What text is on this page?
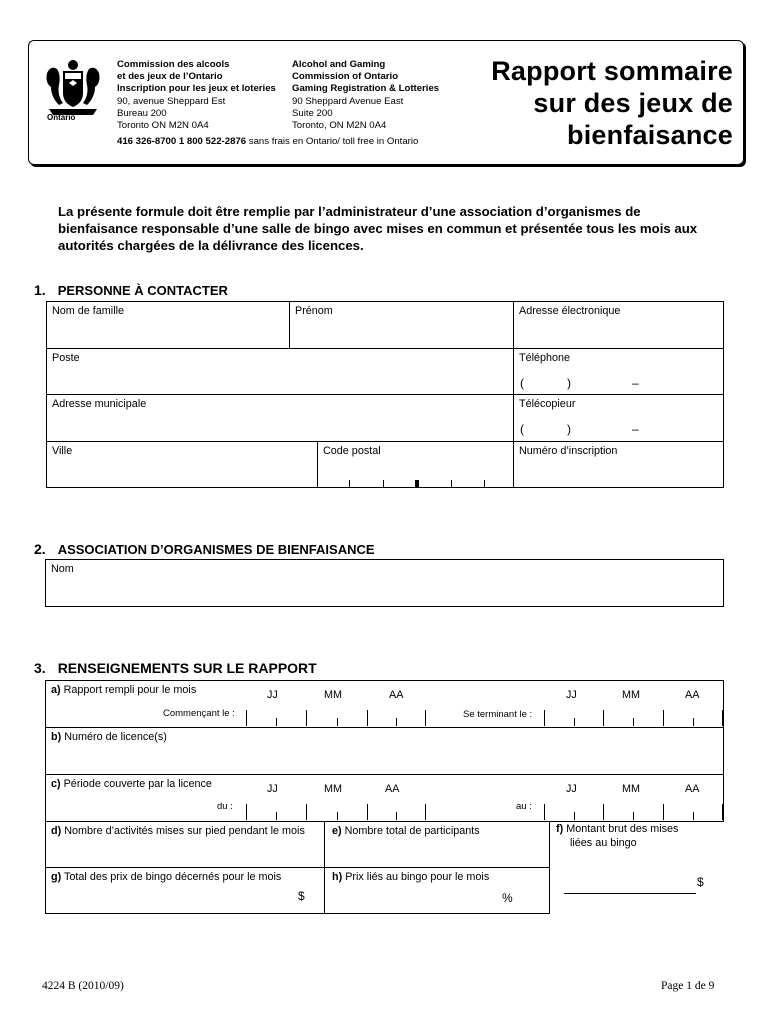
Ontario
Commission des alcools
et des jeux de l’Ontario
Inscription pour les jeux et loteries
90, avenue Sheppard Est
Bureau 200
Toronto ON M2N 0A4
Alcohol and Gaming
Commission of Ontario
Gaming Registration & Lotteries
90 Sheppard Avenue East
Suite 200
Toronto, ON M2N 0A4
416 326-8700 1 800 522-2876 sans frais en Ontario/ toll free in Ontario
Rapport sommaire
sur des jeux de
bienfaisance
La présente formule doit être remplie par l’administrateur d’une association d’organismes de bienfaisance responsable d’une salle de bingo avec mises en commun et présentée tous les mois aux autorités chargées de la délivrance des licences.
1. PERSONNE À CONTACTER
Nom de famille	Prénom	Adresse électronique
Poste	Téléphone
(	)	–
Adresse municipale	Télécopieur
(	)	–
Ville	Code postal	Numéro d’inscription
2. ASSOCIATION D’ORGANISMES DE BIENFAISANCE
Nom
3. RENSEIGNEMENTS SUR LE RAPPORT
a) Rapport rempli pour le mois	JJ	MM	AA	JJ	MM	AA
Commençant le :	Se terminant le :
b) Numéro de licence(s)
c) Période couverte par la licence	JJ	MM	AA	JJ	MM	AA
du :	au :
d) Nombre d’activités mises sur pied pendant le mois	e) Nombre total de participants	f) Montant brut des mises
liées au bingo
$
g) Total des prix de bingo décernés pour le mois
$
h) Prix liés au bingo pour le mois
%
4224 B (2010/09)	Page 1 de 9
